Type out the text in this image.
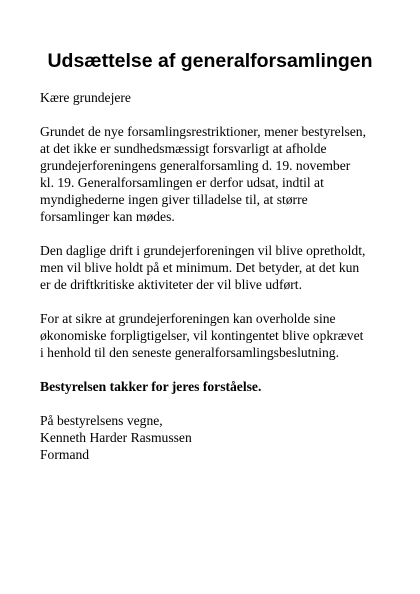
Udsættelse af generalforsamlingen

Kære grundejere

Grundet de nye forsamlingsrestriktioner, mener bestyrelsen,
at det ikke er sundhedsmæssigt forsvarligt at afholde
grundejerforeningens generalforsamling d. 19. november
kl. 19. Generalforsamlingen er derfor udsat, indtil at
myndighederne ingen giver tilladelse til, at større
forsamlinger kan mødes.

Den daglige drift i grundejerforeningen vil blive opretholdt,
men vil blive holdt på et minimum. Det betyder, at det kun
er de driftkritiske aktiviteter der vil blive udført.

For at sikre at grundejerforeningen kan overholde sine
økonomiske forpligtigelser, vil kontingentet blive opkrævet
i henhold til den seneste generalforsamlingsbeslutning.

Bestyrelsen takker for jeres forståelse.

På bestyrelsens vegne,
Kenneth Harder Rasmussen
Formand
